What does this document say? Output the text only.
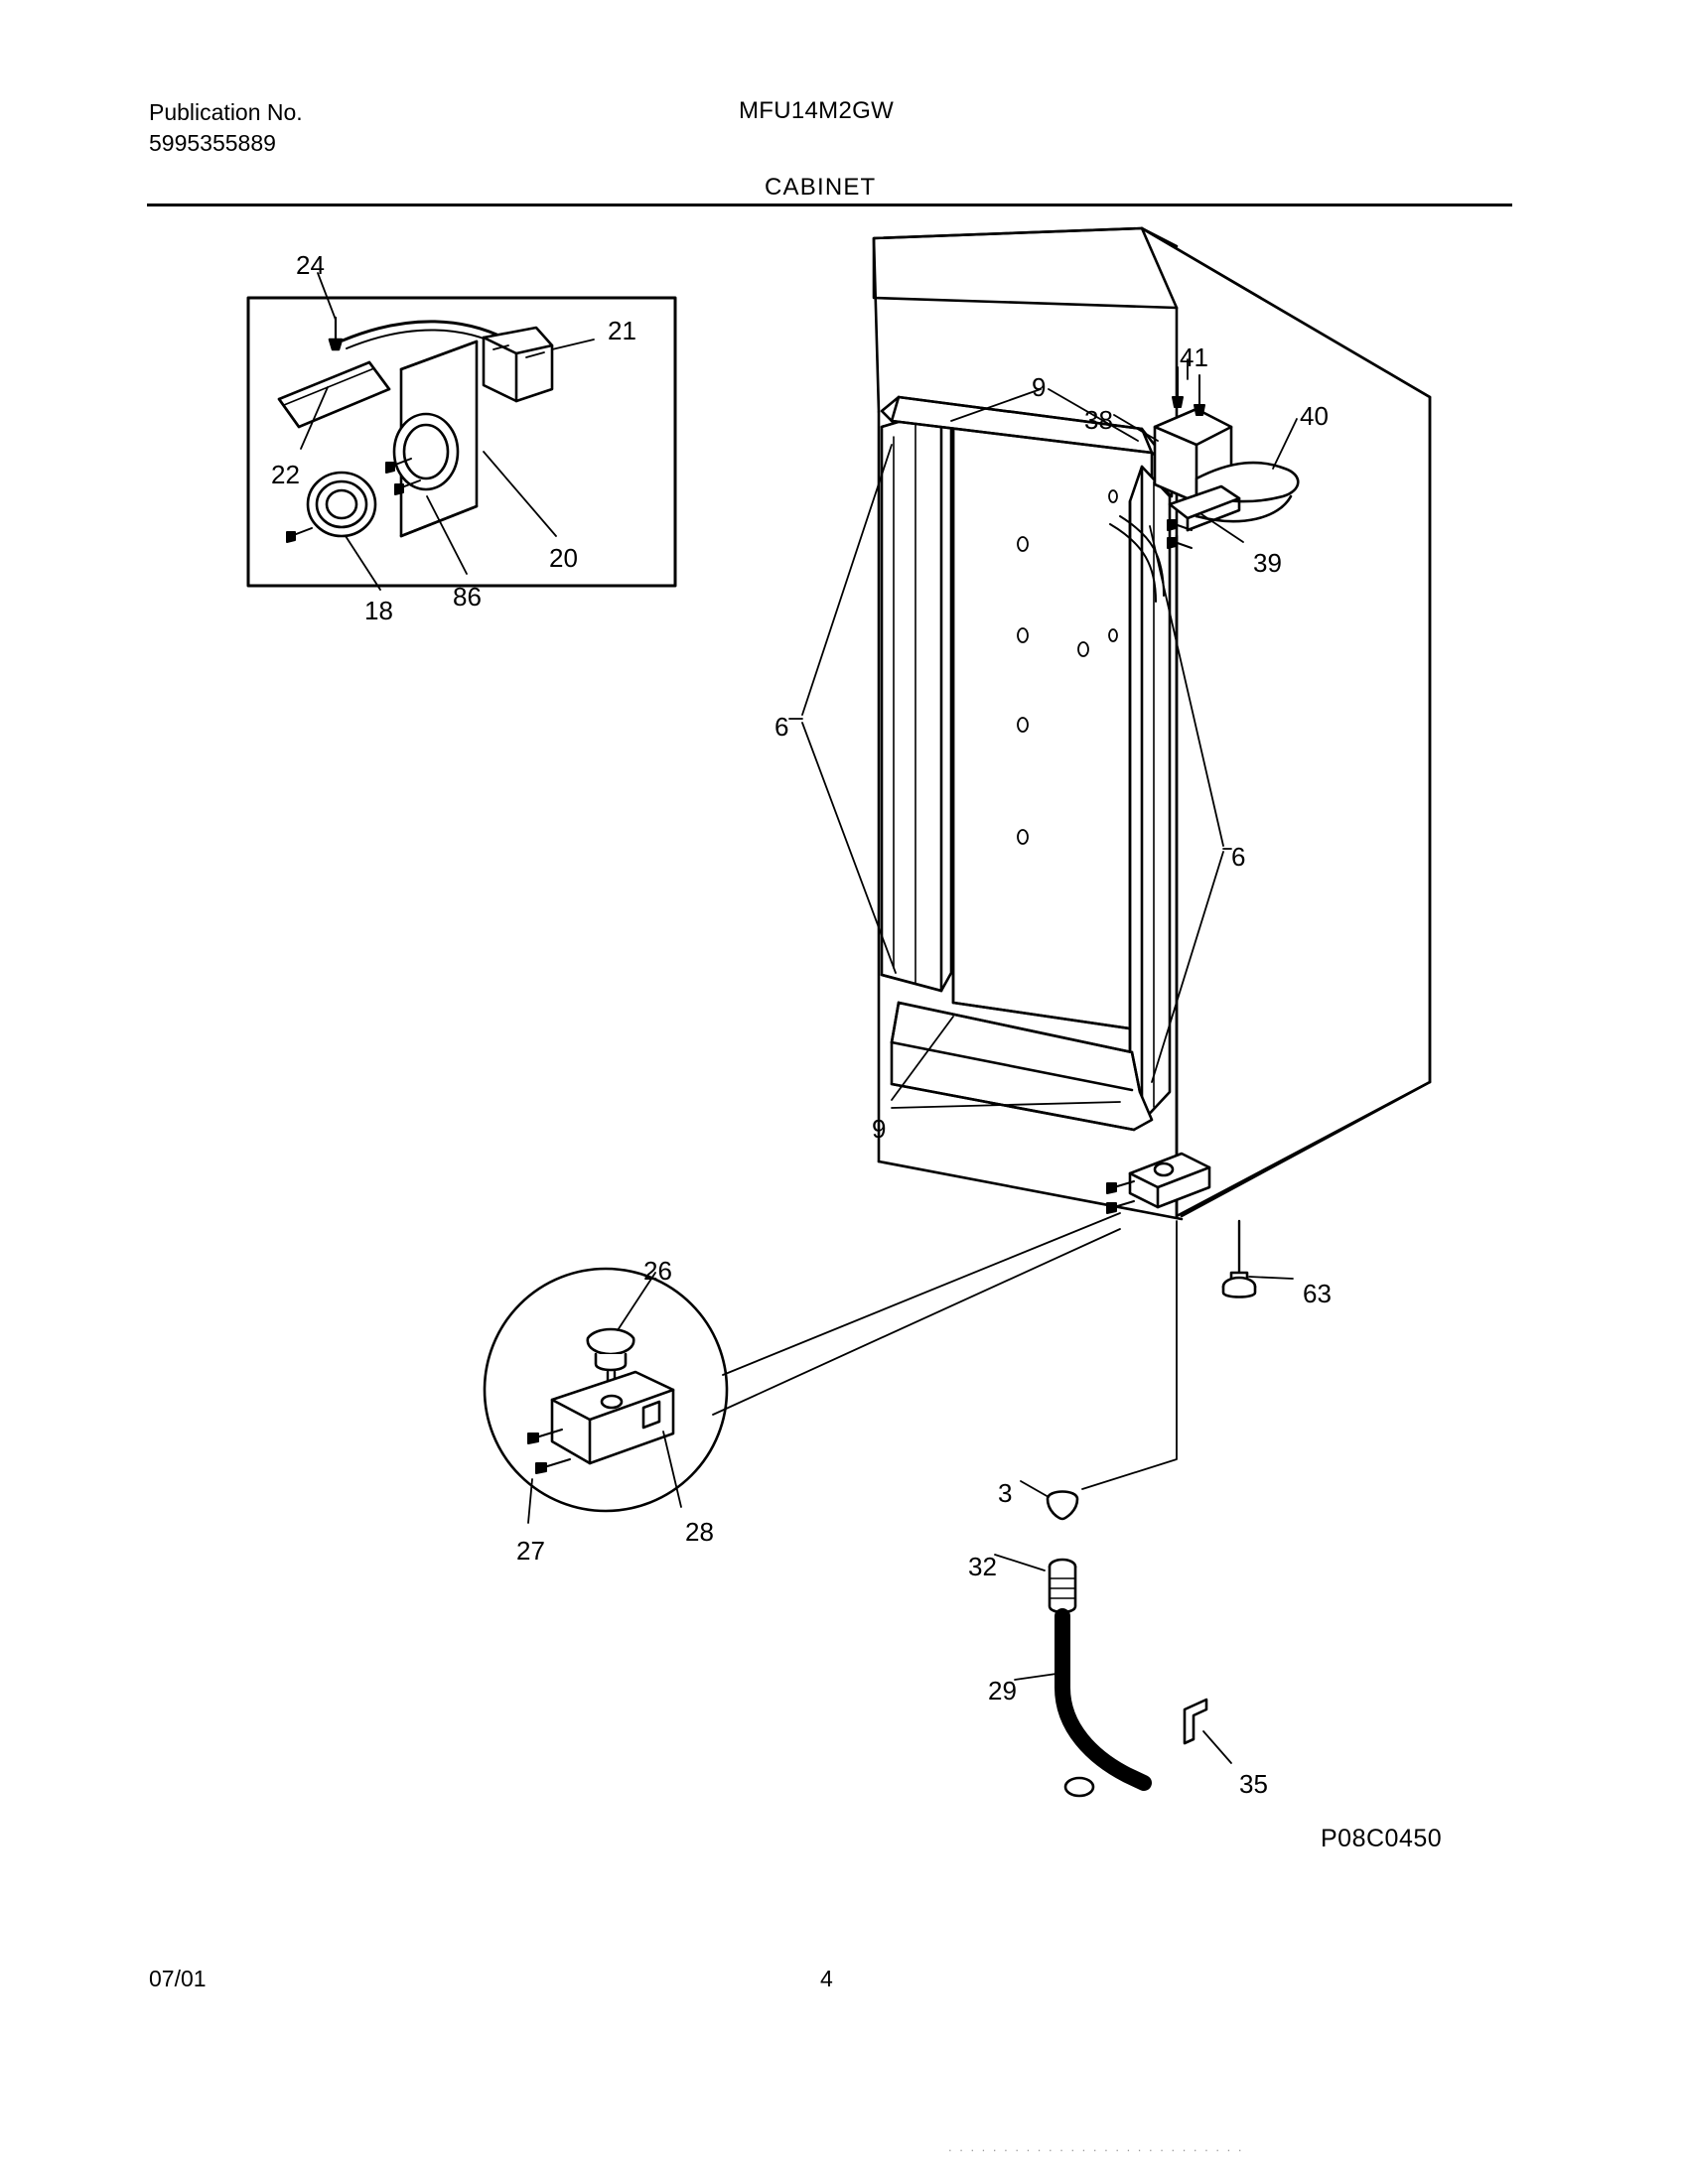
Publication No.
5995355889
MFU14M2GW
CABINET
24
21
22
20
18 86
9
41
38	40
39
6
6
9
63
26
27
28
3
32
29
35
P08C0450
07/01	4
. . . . . . . . . . . . . . . . . . . . . . . . . . .
